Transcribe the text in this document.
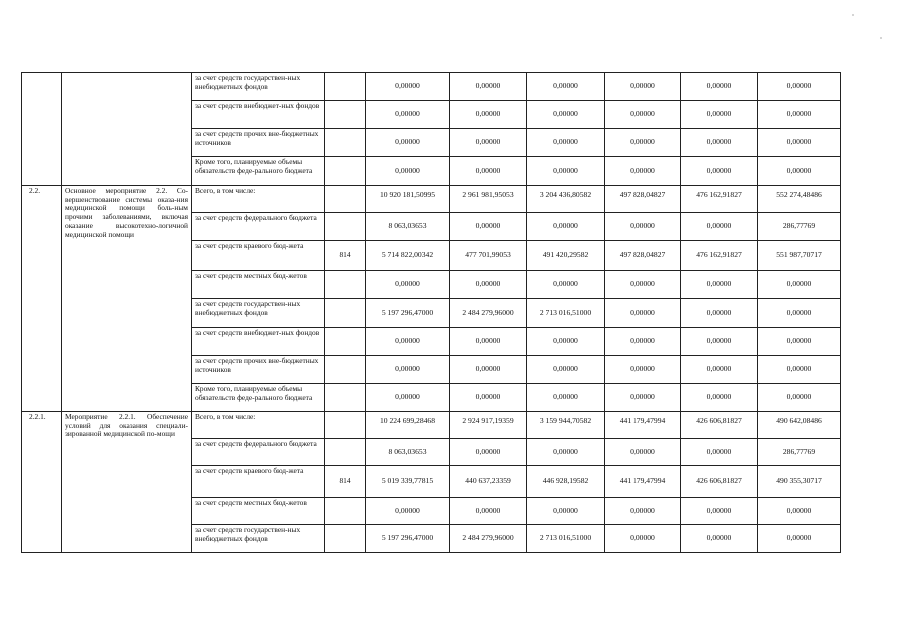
		за счет средств государствен-ных внебюджетных фондов		0,00000	0,00000	0,00000	0,00000	0,00000	0,00000
		за счет средств внебюджет-ных фондов		0,00000	0,00000	0,00000	0,00000	0,00000	0,00000
		за счет средств прочих вне-бюджетных источников		0,00000	0,00000	0,00000	0,00000	0,00000	0,00000
		Кроме того, планируемые объемы обязательств феде-рального бюджета		0,00000	0,00000	0,00000	0,00000	0,00000	0,00000
2.2.	Основное мероприятие 2.2. Со-вершенствование системы оказа-ния медицинской помощи боль-ным прочими заболеваниями, включая оказание высокотехно-логичной медицинской помощи	Всего, в том числе:		10 920 181,50995	2 961 981,95053	3 204 436,80582	497 828,04827	476 162,91827	552 274,48486
		за счет средств федерального бюджета		8 063,03653	0,00000	0,00000	0,00000	0,00000	286,77769
		за счет средств краевого бюд-жета	814	5 714 822,00342	477 701,99053	491 420,29582	497 828,04827	476 162,91827	551 987,70717
		за счет средств местных бюд-жетов		0,00000	0,00000	0,00000	0,00000	0,00000	0,00000
		за счет средств государствен-ных внебюджетных фондов		5 197 296,47000	2 484 279,96000	2 713 016,51000	0,00000	0,00000	0,00000
		за счет средств внебюджет-ных фондов		0,00000	0,00000	0,00000	0,00000	0,00000	0,00000
		за счет средств прочих вне-бюджетных источников		0,00000	0,00000	0,00000	0,00000	0,00000	0,00000
		Кроме того, планируемые объемы обязательств феде-рального бюджета		0,00000	0,00000	0,00000	0,00000	0,00000	0,00000
2.2.1.	Мероприятие 2.2.1. Обеспечение условий для оказания специали-зированной медицинской по-мощи	Всего, в том числе:		10 224 699,28468	2 924 917,19359	3 159 944,70582	441 179,47994	426 606,81827	490 642,08486
		за счет средств федерального бюджета		8 063,03653	0,00000	0,00000	0,00000	0,00000	286,77769
		за счет средств краевого бюд-жета	814	5 019 339,77815	440 637,23359	446 928,19582	441 179,47994	426 606,81827	490 355,30717
		за счет средств местных бюд-жетов		0,00000	0,00000	0,00000	0,00000	0,00000	0,00000
		за счет средств государствен-ных внебюджетных фондов		5 197 296,47000	2 484 279,96000	2 713 016,51000	0,00000	0,00000	0,00000
